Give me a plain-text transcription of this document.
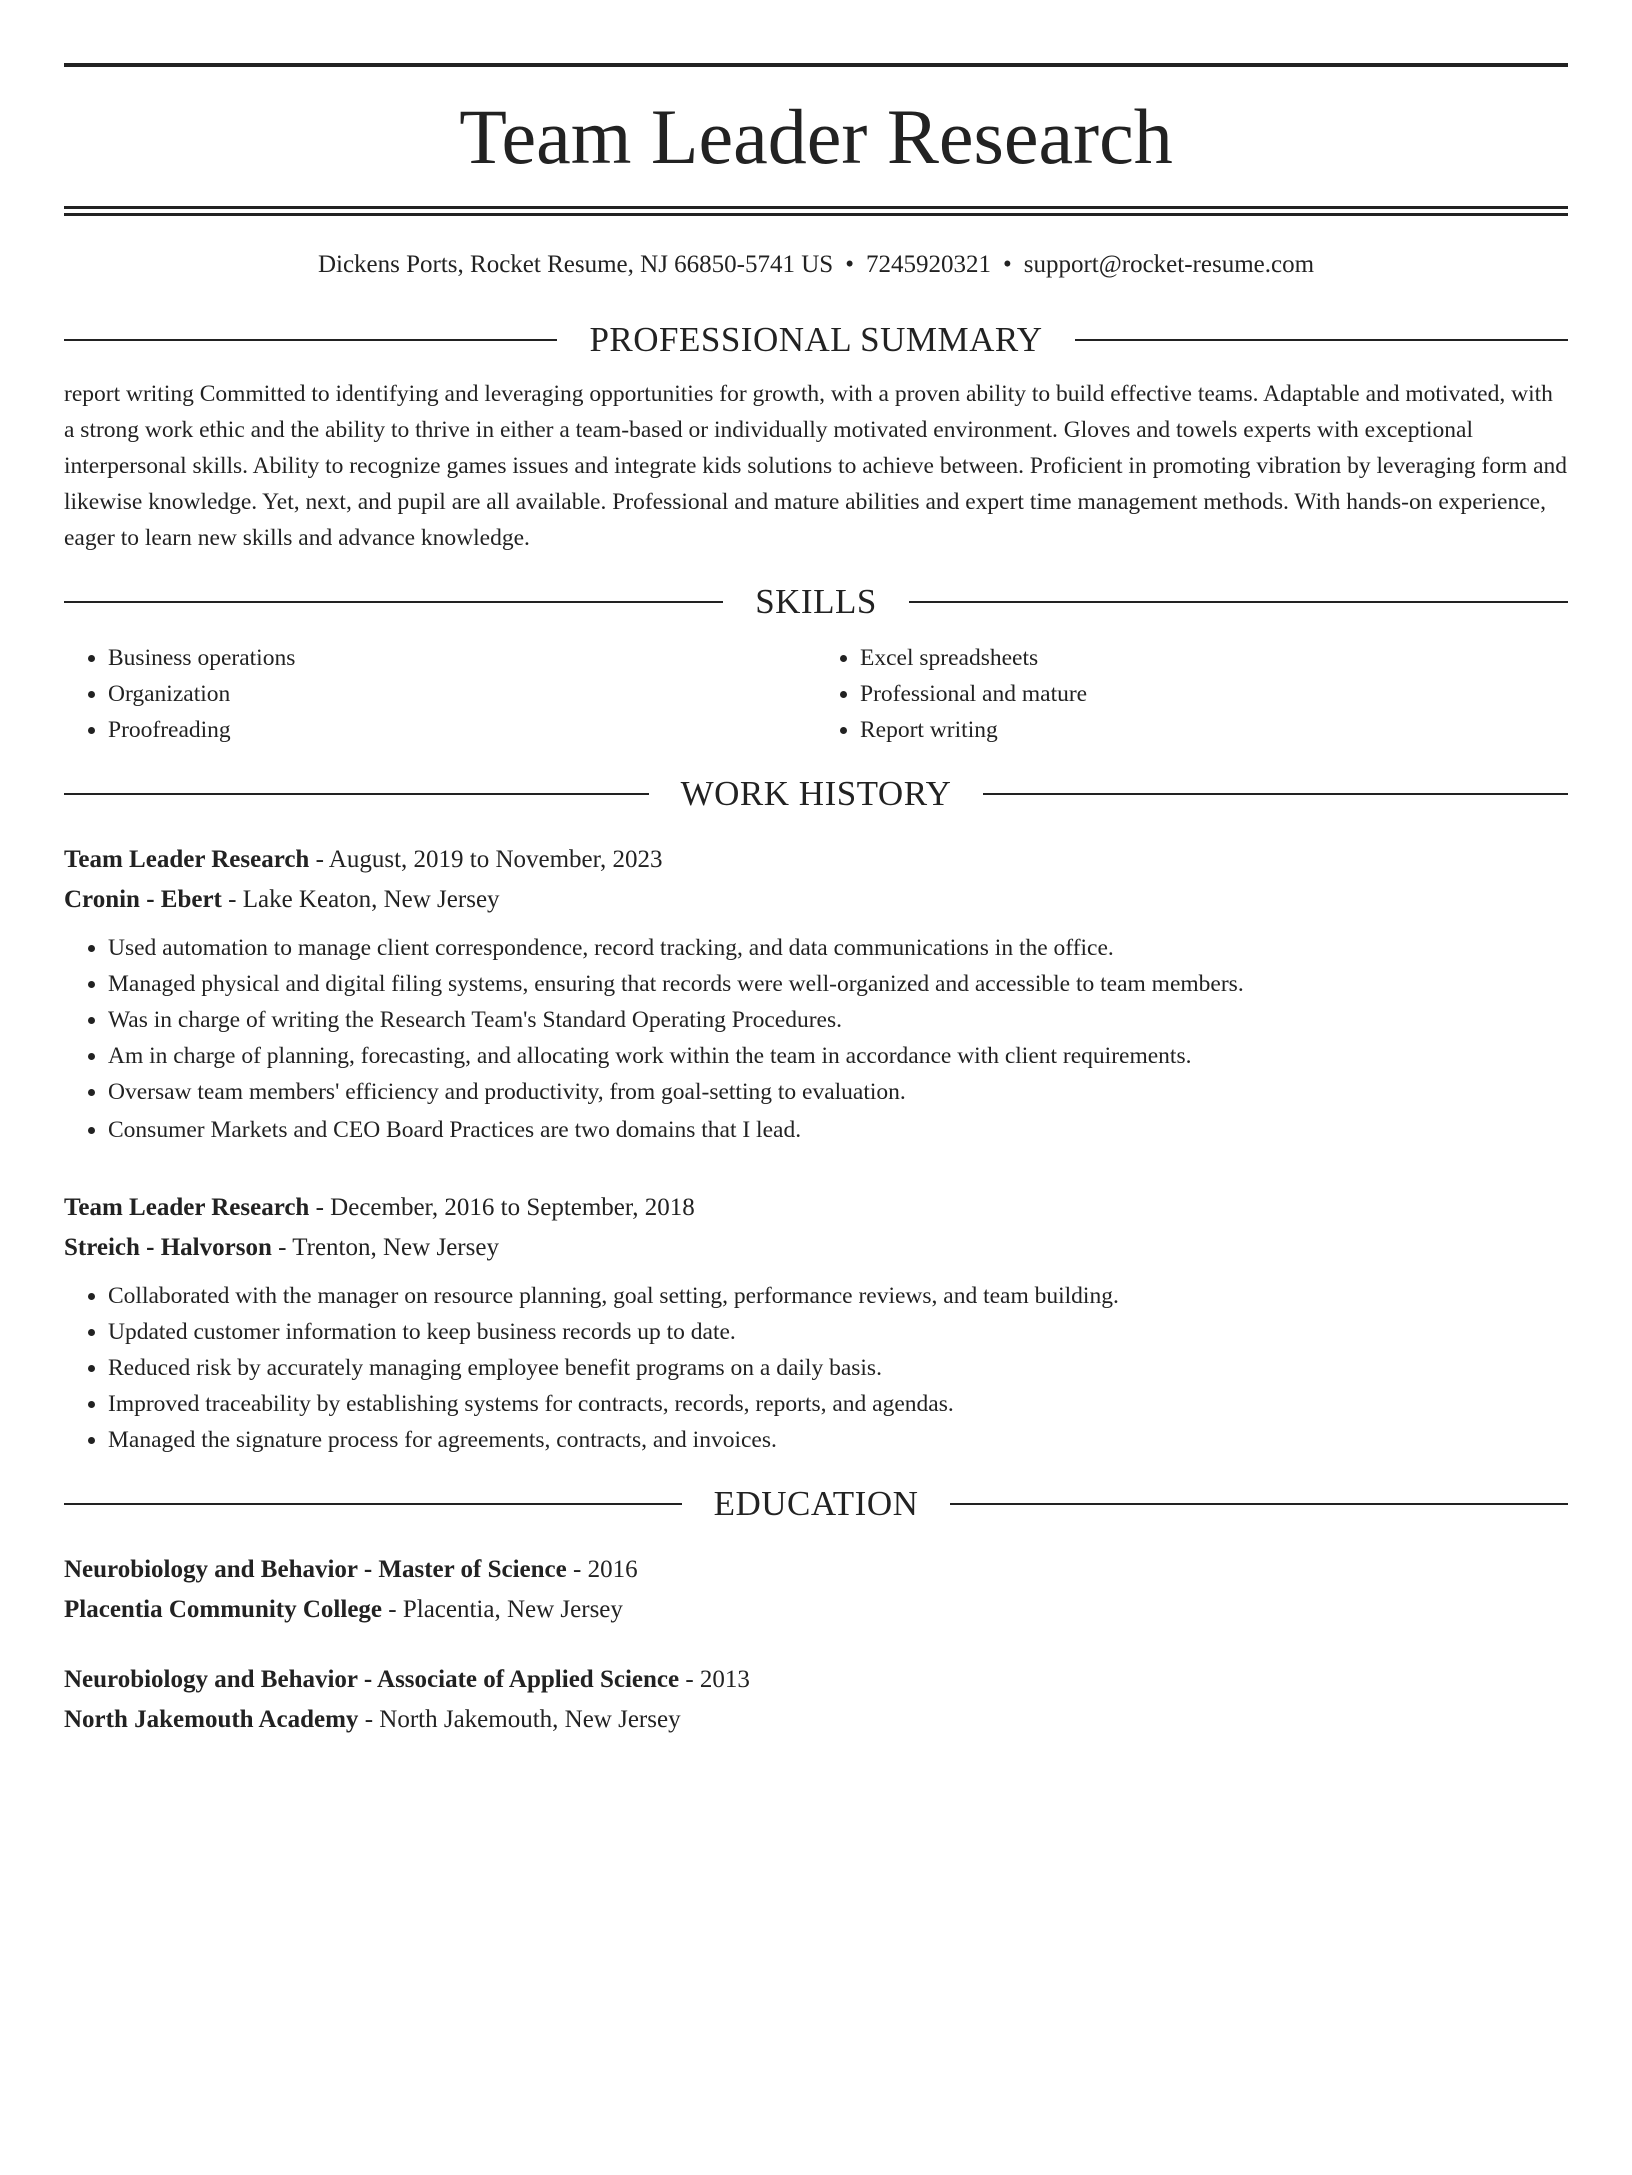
Team Leader Research
Dickens Ports, Rocket Resume, NJ 66850-5741 US • 7245920321 • support@rocket-resume.com
PROFESSIONAL SUMMARY

report writing Committed to identifying and leveraging opportunities for growth, with a proven ability to build effective teams. Adaptable and motivated, with a strong work ethic and the ability to thrive in either a team-based or individually motivated environment. Gloves and towels experts with exceptional interpersonal skills. Ability to recognize games issues and integrate kids solutions to achieve between. Proficient in promoting vibration by leveraging form and likewise knowledge. Yet, next, and pupil are all available. Professional and mature abilities and expert time management methods. With hands-on experience, eager to learn new skills and advance knowledge.

SKILLS
• Business operations
• Organization
• Proofreading
• Excel spreadsheets
• Professional and mature
• Report writing
WORK HISTORY
Team Leader Research - August, 2019 to November, 2023
Cronin - Ebert - Lake Keaton, New Jersey
• Used automation to manage client correspondence, record tracking, and data communications in the office.
• Managed physical and digital filing systems, ensuring that records were well-organized and accessible to team members.
• Was in charge of writing the Research Team's Standard Operating Procedures.
• Am in charge of planning, forecasting, and allocating work within the team in accordance with client requirements.
• Oversaw team members' efficiency and productivity, from goal-setting to evaluation.
• Consumer Markets and CEO Board Practices are two domains that I lead.
Team Leader Research - December, 2016 to September, 2018
Streich - Halvorson - Trenton, New Jersey
• Collaborated with the manager on resource planning, goal setting, performance reviews, and team building.
• Updated customer information to keep business records up to date.
• Reduced risk by accurately managing employee benefit programs on a daily basis.
• Improved traceability by establishing systems for contracts, records, reports, and agendas.
• Managed the signature process for agreements, contracts, and invoices.
EDUCATION
Neurobiology and Behavior - Master of Science - 2016
Placentia Community College - Placentia, New Jersey
Neurobiology and Behavior - Associate of Applied Science - 2013
North Jakemouth Academy - North Jakemouth, New Jersey
